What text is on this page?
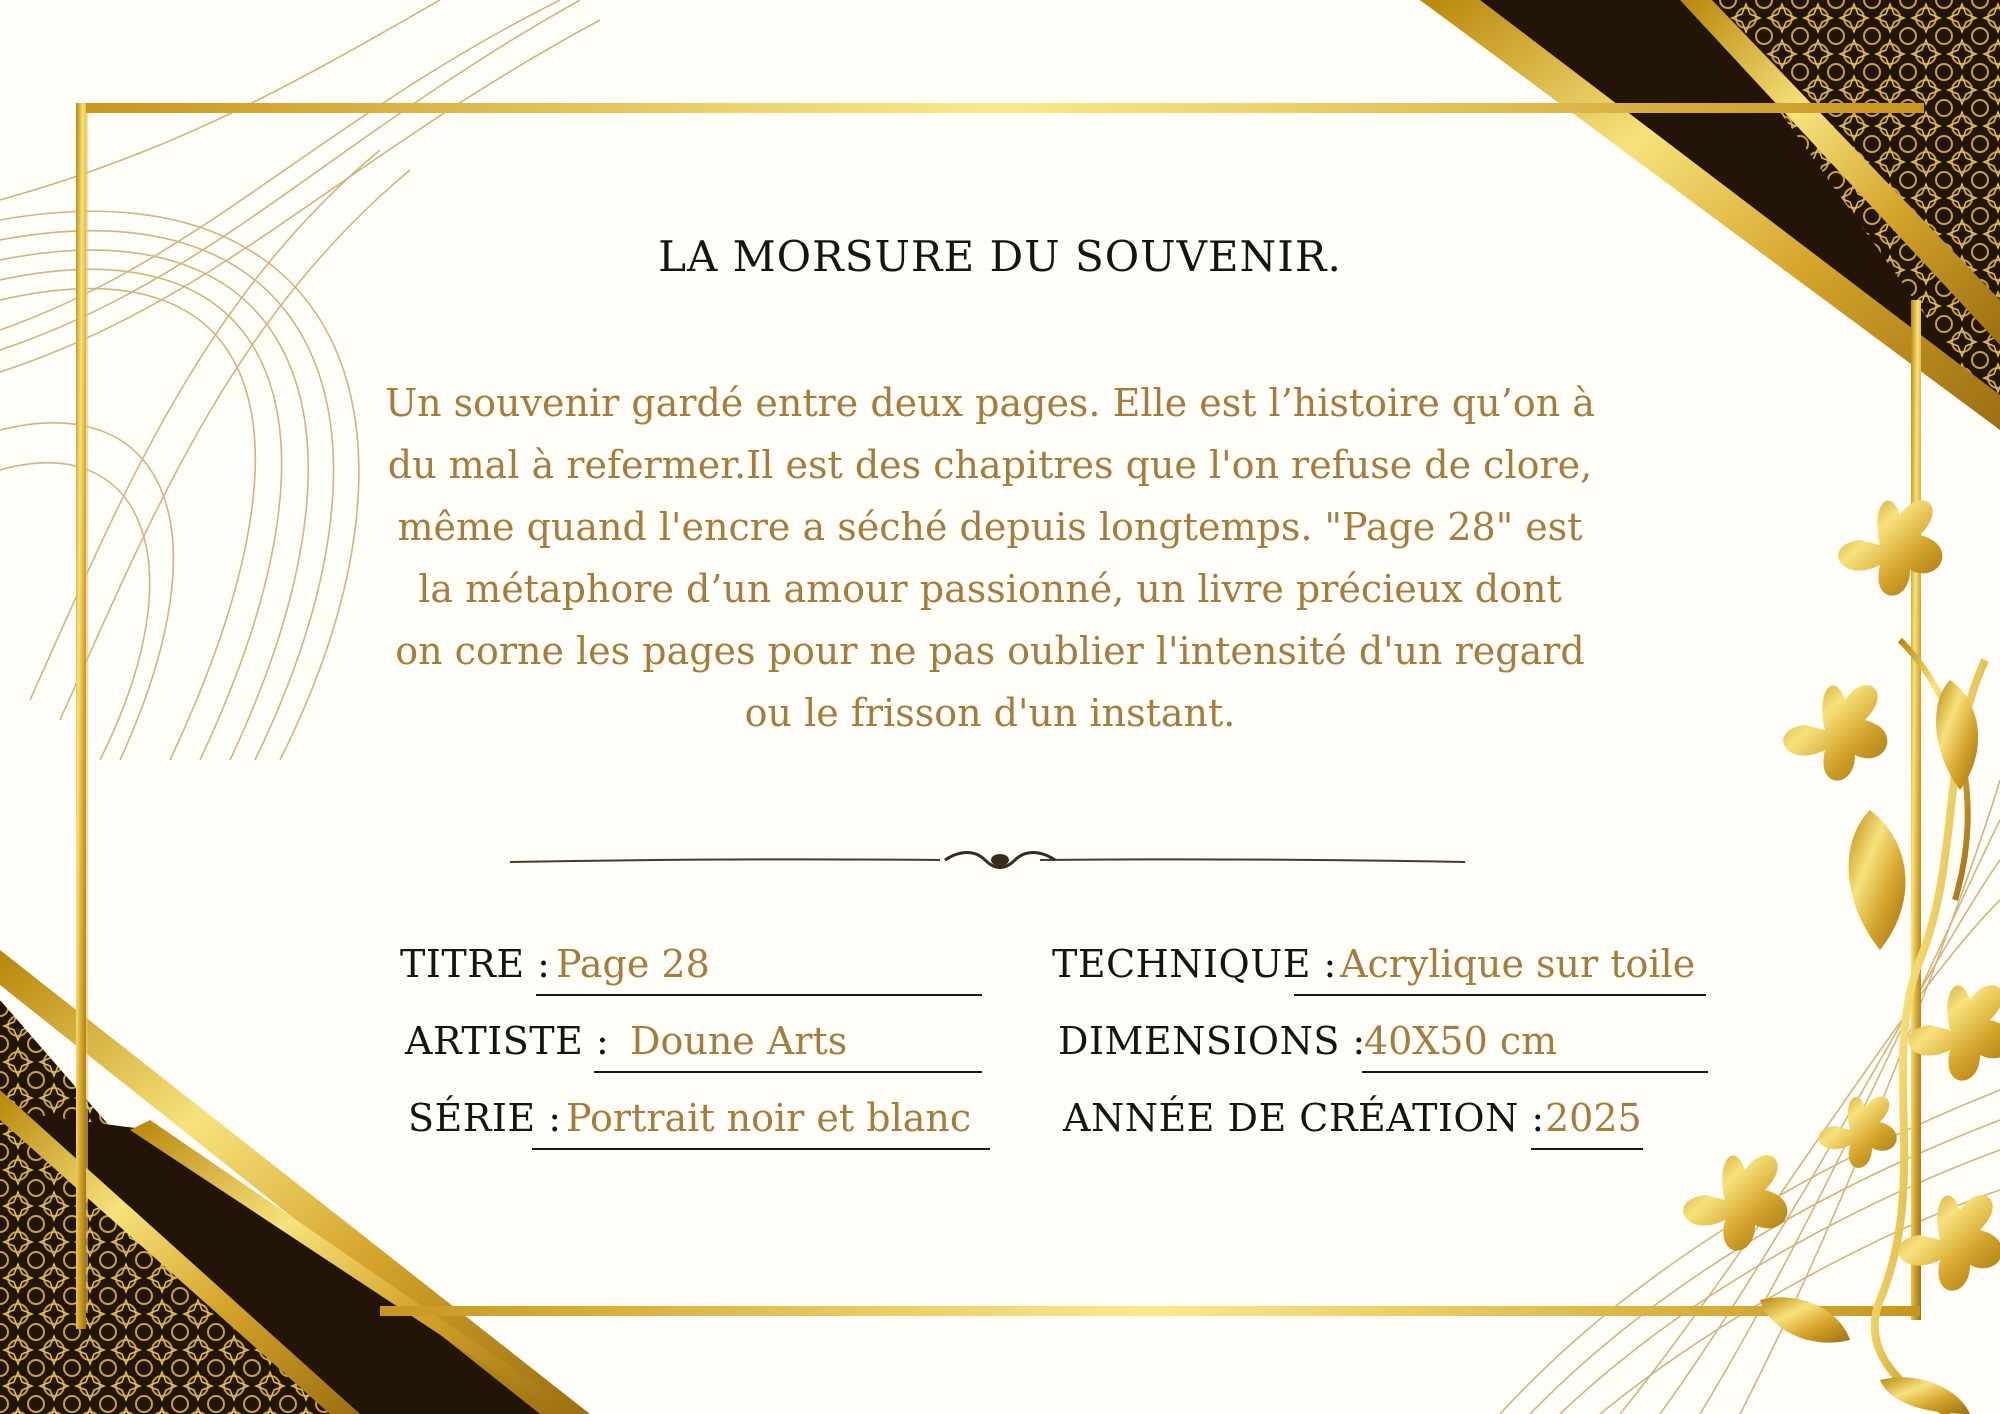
LA MORSURE DU SOUVENIR.

Un souvenir gardé entre deux pages. Elle est l’histoire qu’on à
du mal à refermer.Il est des chapitres que l'on refuse de clore,
même quand l'encre a séché depuis longtemps. "Page 28" est
la métaphore d’un amour passionné, un livre précieux dont
on corne les pages pour ne pas oublier l'intensité d'un regard
ou le frisson d'un instant.

TITRE : Page 28
ARTISTE : Doune Arts
SÉRIE : Portrait noir et blanc
TECHNIQUE : Acrylique sur toile
DIMENSIONS :
40X50 cm
ANNÉE DE CRÉATION : 2025
